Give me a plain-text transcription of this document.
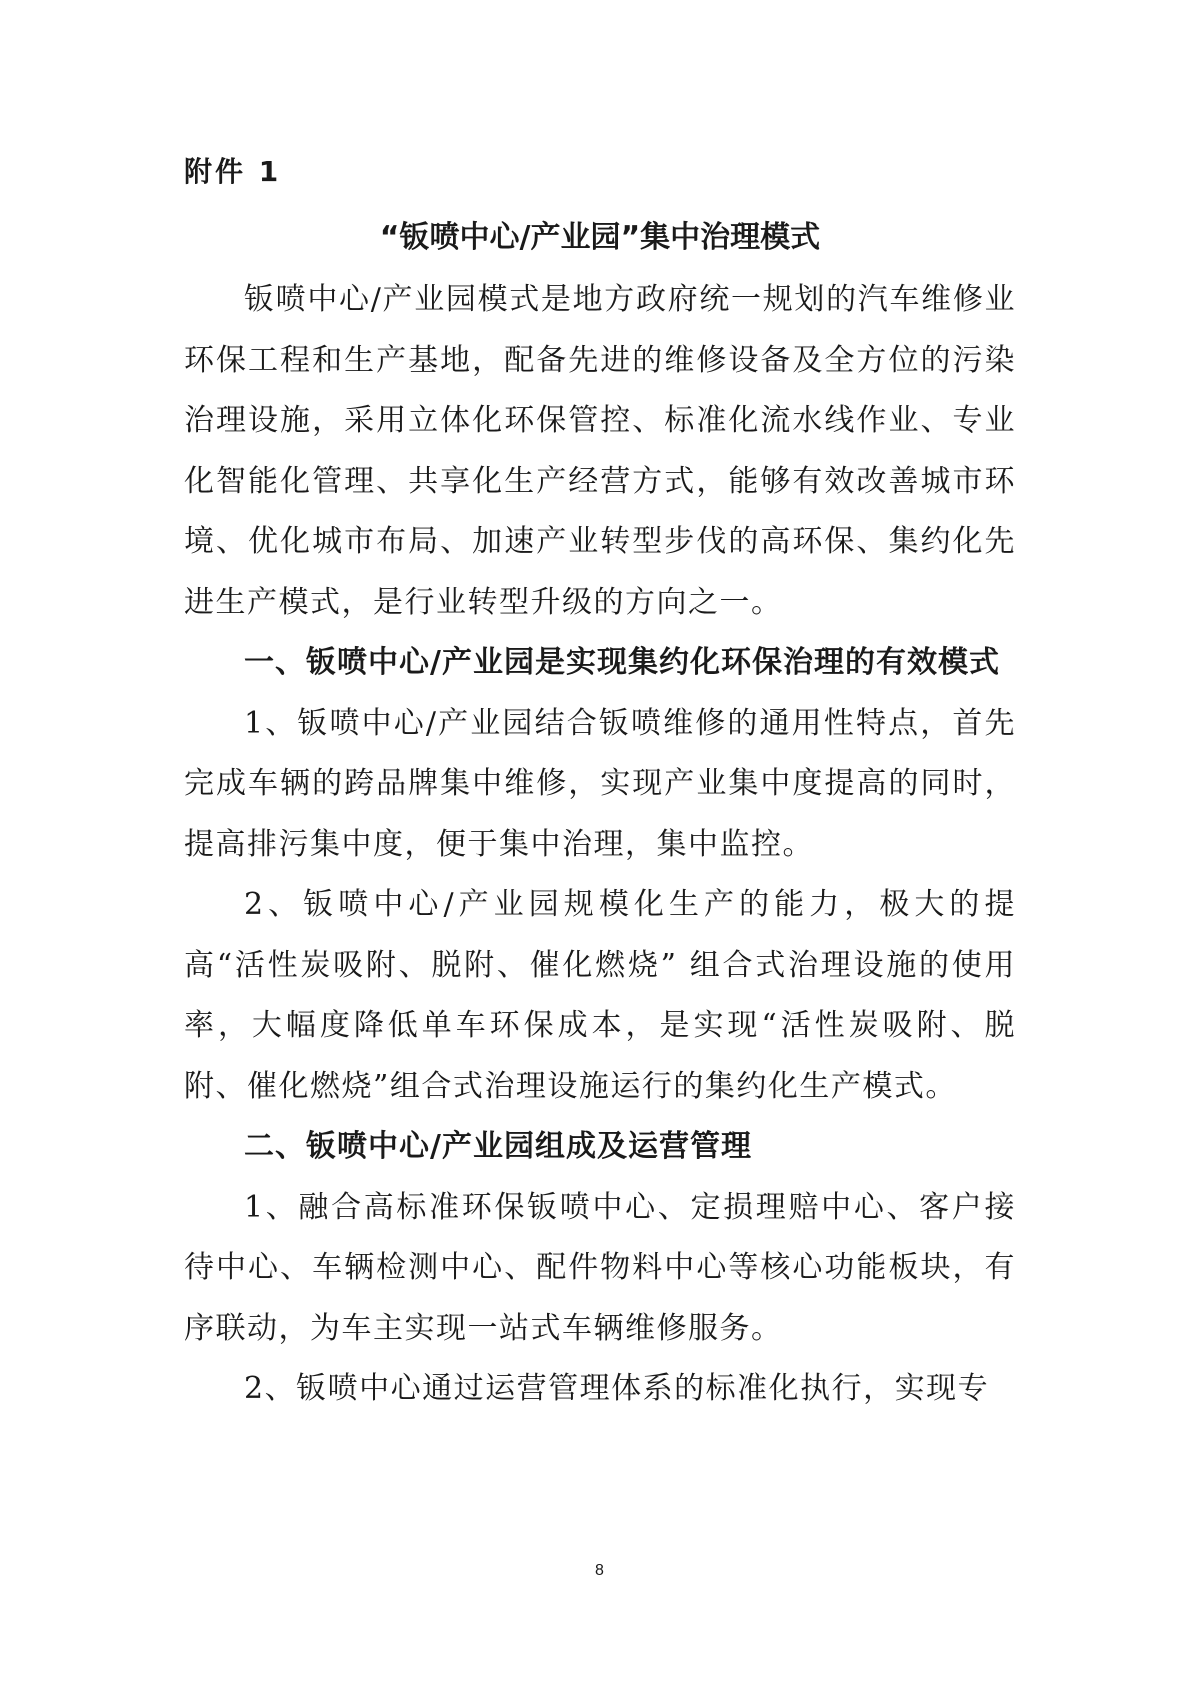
附件 1
“钣喷中心/产业园”集中治理模式

钣喷中心/产业园模式是地方政府统一规划的汽车维修业环保工程和生产基地，配备先进的维修设备及全方位的污染治理设施，采用立体化环保管控、标准化流水线作业、专业化智能化管理、共享化生产经营方式，能够有效改善城市环境、优化城市布局、加速产业转型步伐的高环保、集约化先进生产模式，是行业转型升级的方向之一。

一、钣喷中心/产业园是实现集约化环保治理的有效模式

1、钣喷中心/产业园结合钣喷维修的通用性特点，首先完成车辆的跨品牌集中维修，实现产业集中度提高的同时，提高排污集中度，便于集中治理，集中监控。

2、钣喷中心/产业园规模化生产的能力，极大的提高“活性炭吸附、脱附、催化燃烧” 组合式治理设施的使用率，大幅度降低单车环保成本，是实现“活性炭吸附、脱附、催化燃烧”组合式治理设施运行的集约化生产模式。

二、钣喷中心/产业园组成及运营管理

1、融合高标准环保钣喷中心、定损理赔中心、客户接待中心、车辆检测中心、配件物料中心等核心功能板块，有序联动，为车主实现一站式车辆维修服务。

2、钣喷中心通过运营管理体系的标准化执行，实现专

8
